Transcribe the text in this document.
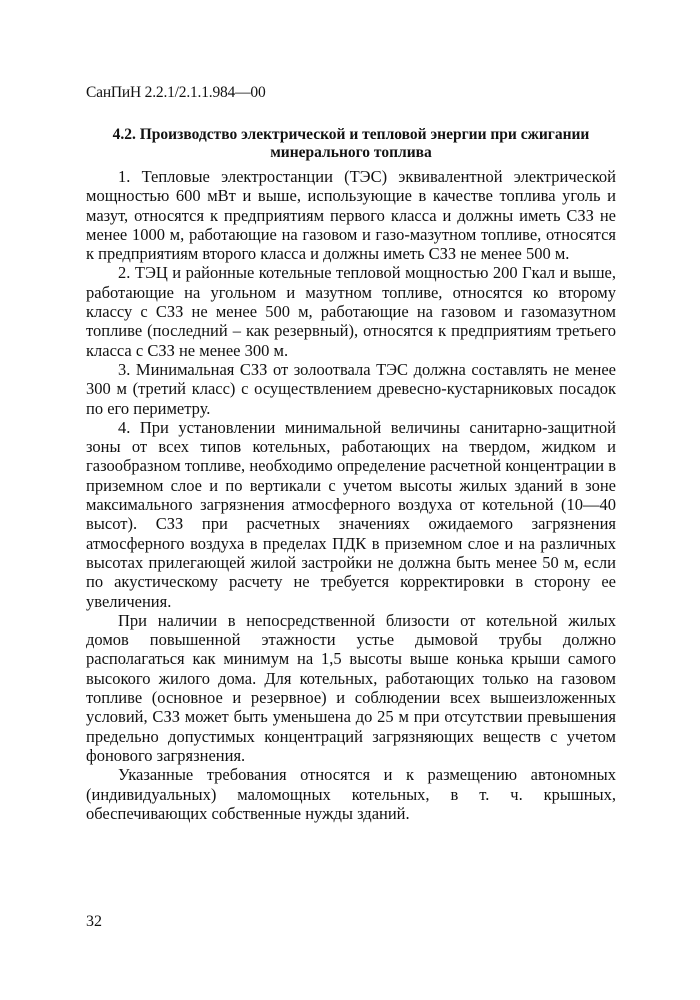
СанПиН 2.2.1/2.1.1.984—00
4.2. Производство электрической и тепловой энергии при сжигании минерального топлива

1. Тепловые электростанции (ТЭС) эквивалентной электрической мощностью 600 мВт и выше, использующие в качестве топлива уголь и мазут, относятся к предприятиям первого класса и должны иметь СЗЗ не менее 1000 м, работающие на газовом и газо-мазутном топливе, относятся к предприятиям второго класса и должны иметь СЗЗ не менее 500 м.

2. ТЭЦ и районные котельные тепловой мощностью 200 Гкал и выше, работающие на угольном и мазутном топливе, относятся ко второму классу с СЗЗ не менее 500 м, работающие на газовом и газомазутном топливе (последний – как резервный), относятся к предприятиям третьего класса с СЗЗ не менее 300 м.

3. Минимальная СЗЗ от золоотвала ТЭС должна составлять не менее 300 м (третий класс) с осуществлением древесно-кустарниковых посадок по его периметру.

4. При установлении минимальной величины санитарно-защитной зоны от всех типов котельных, работающих на твердом, жидком и газообразном топливе, необходимо определение расчетной концентрации в приземном слое и по вертикали с учетом высоты жилых зданий в зоне максимального загрязнения атмосферного воздуха от котельной (10—40 высот). СЗЗ при расчетных значениях ожидаемого загрязнения атмосферного воздуха в пределах ПДК в приземном слое и на различных высотах прилегающей жилой застройки не должна быть менее 50 м, если по акустическому расчету не требуется корректировки в сторону ее увеличения.

При наличии в непосредственной близости от котельной жилых домов повышенной этажности устье дымовой трубы должно располагаться как минимум на 1,5 высоты выше конька крыши самого высокого жилого дома. Для котельных, работающих только на газовом топливе (основное и резервное) и соблюдении всех вышеизложенных условий, СЗЗ может быть уменьшена до 25 м при отсутствии превышения предельно допустимых концентраций загрязняющих веществ с учетом фонового загрязнения.

Указанные требования относятся и к размещению автономных (индивидуальных) маломощных котельных, в т. ч. крышных, обеспечивающих собственные нужды зданий.

32
